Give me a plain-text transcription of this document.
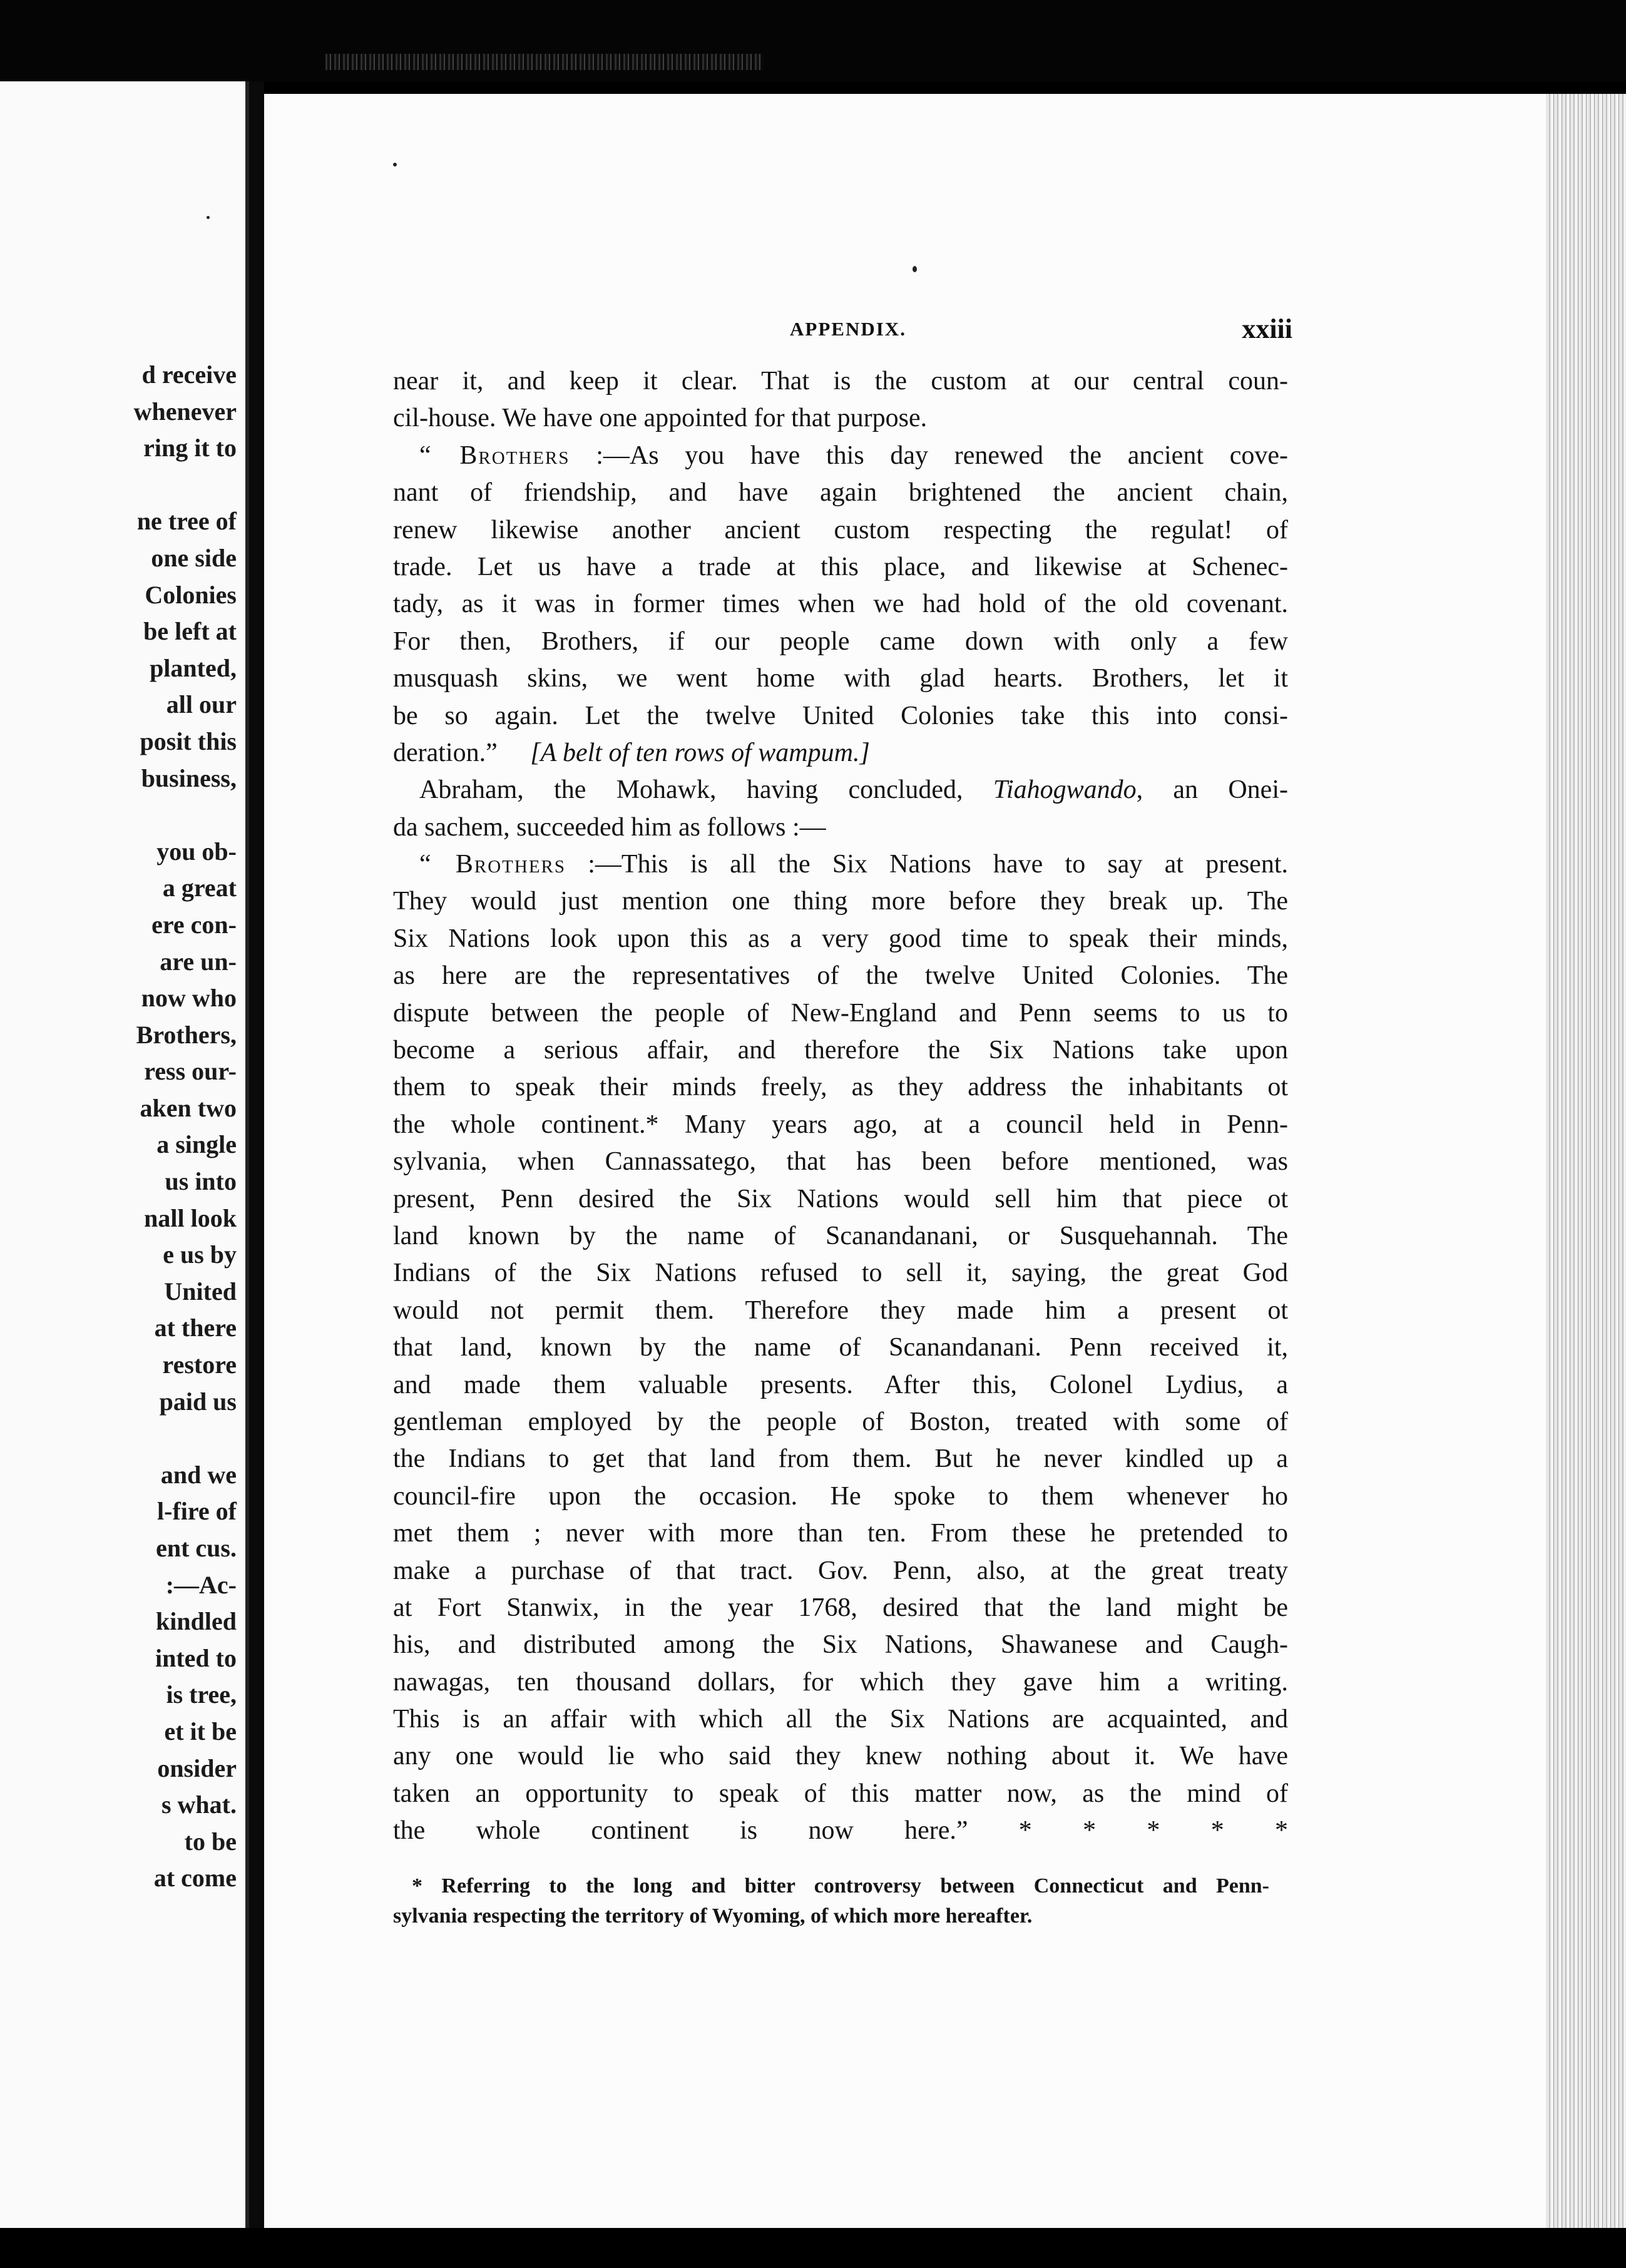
d receive
whenever
ring it to
ne tree of
one side
Colonies
be left at
planted,
all our
posit this
business,
you ob-
a great
ere con-
are un-
now who
Brothers,
ress our-
aken two
a single
us into
nall look
e us by
United
at there
restore
paid us
and we
l-fire of
ent cus.
:—Ac-
kindled
inted to
is tree,
et it be
onsider
s what.
to be
at come
APPENDIX.	xxiii
near it, and keep it clear. That is the custom at our central coun-
cil-house. We have one appointed for that purpose.
“ Brothers :—As you have this day renewed the ancient cove-
nant of friendship, and have again brightened the ancient chain,
renew likewise another ancient custom respecting the regulat! of
trade. Let us have a trade at this place, and likewise at Schenec-
tady, as it was in former times when we had hold of the old covenant.
For then, Brothers, if our people came down with only a few
musquash skins, we went home with glad hearts. Brothers, let it
be so again. Let the twelve United Colonies take this into consi-
deration.”     [A belt of ten rows of wampum.]
Abraham, the Mohawk, having concluded, Tiahogwando, an Onei-
da sachem, succeeded him as follows :—
“ Brothers :—This is all the Six Nations have to say at present.
They would just mention one thing more before they break up. The
Six Nations look upon this as a very good time to speak their minds,
as here are the representatives of the twelve United Colonies. The
dispute between the people of New-England and Penn seems to us to
become a serious affair, and therefore the Six Nations take upon
them to speak their minds freely, as they address the inhabitants ot
the whole continent.* Many years ago, at a council held in Penn-
sylvania, when Cannassatego, that has been before mentioned, was
present, Penn desired the Six Nations would sell him that piece ot
land known by the name of Scanandanani, or Susquehannah. The
Indians of the Six Nations refused to sell it, saying, the great God
would not permit them. Therefore they made him a present ot
that land, known by the name of Scanandanani. Penn received it,
and made them valuable presents. After this, Colonel Lydius, a
gentleman employed by the people of Boston, treated with some of
the Indians to get that land from them. But he never kindled up a
council-fire upon the occasion. He spoke to them whenever ho
met them ; never with more than ten. From these he pretended to
make a purchase of that tract. Gov. Penn, also, at the great treaty
at Fort Stanwix, in the year 1768, desired that the land might be
his, and distributed among the Six Nations, Shawanese and Caugh-
nawagas, ten thousand dollars, for which they gave him a writing.
This is an affair with which all the Six Nations are acquainted, and
any one would lie who said they knew nothing about it. We have
taken an opportunity to speak of this matter now, as the mind of
the whole continent is now here.” * * * * *
* Referring to the long and bitter controversy between Connecticut and Penn-
sylvania respecting the territory of Wyoming, of which more hereafter.
